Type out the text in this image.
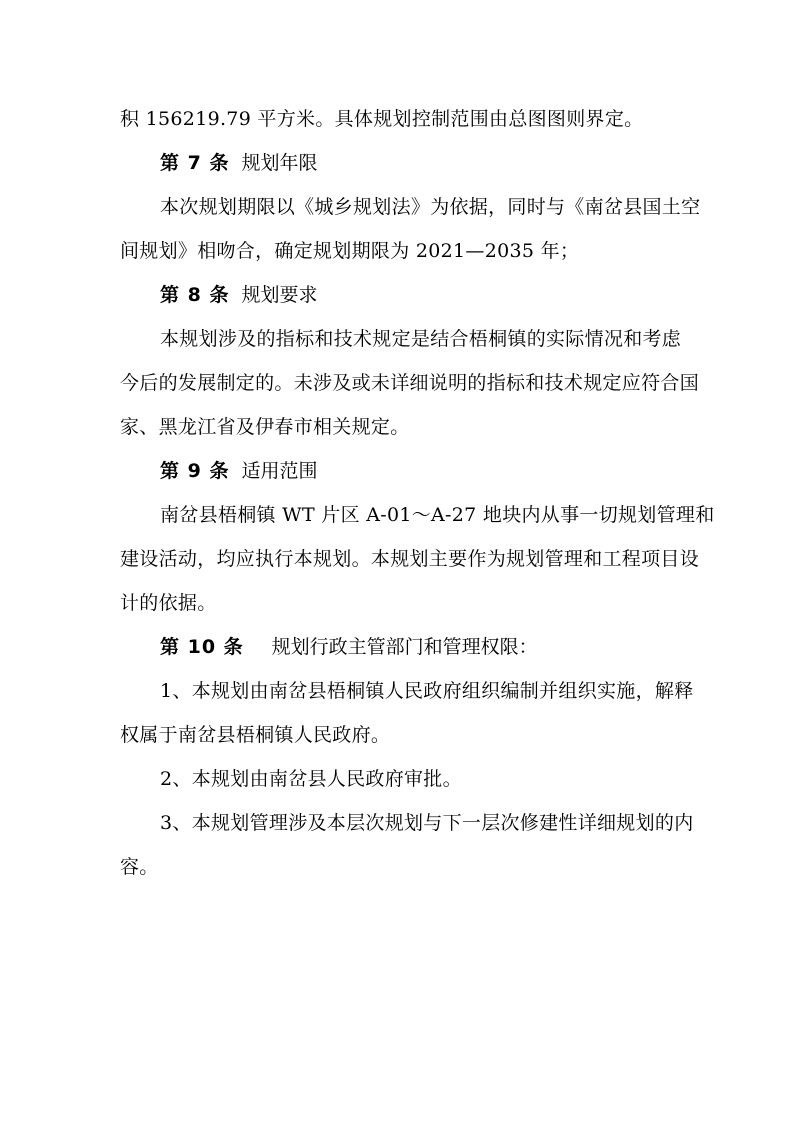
积 156219.79 平方米。具体规划控制范围由总图图则界定。
第 7 条 规划年限
本次规划期限以《城乡规划法》为依据，同时与《南岔县国土空
间规划》相吻合，确定规划期限为 2021—2035 年；
第 8 条 规划要求
本规划涉及的指标和技术规定是结合梧桐镇的实际情况和考虑
今后的发展制定的。未涉及或未详细说明的指标和技术规定应符合国
家、黑龙江省及伊春市相关规定。
第 9 条 适用范围
南岔县梧桐镇 WT 片区 A-01～A-27 地块内从事一切规划管理和
建设活动，均应执行本规划。本规划主要作为规划管理和工程项目设
计的依据。
第 10 条 规划行政主管部门和管理权限：
1、本规划由南岔县梧桐镇人民政府组织编制并组织实施，解释
权属于南岔县梧桐镇人民政府。
2、本规划由南岔县人民政府审批。
3、本规划管理涉及本层次规划与下一层次修建性详细规划的内
容。
